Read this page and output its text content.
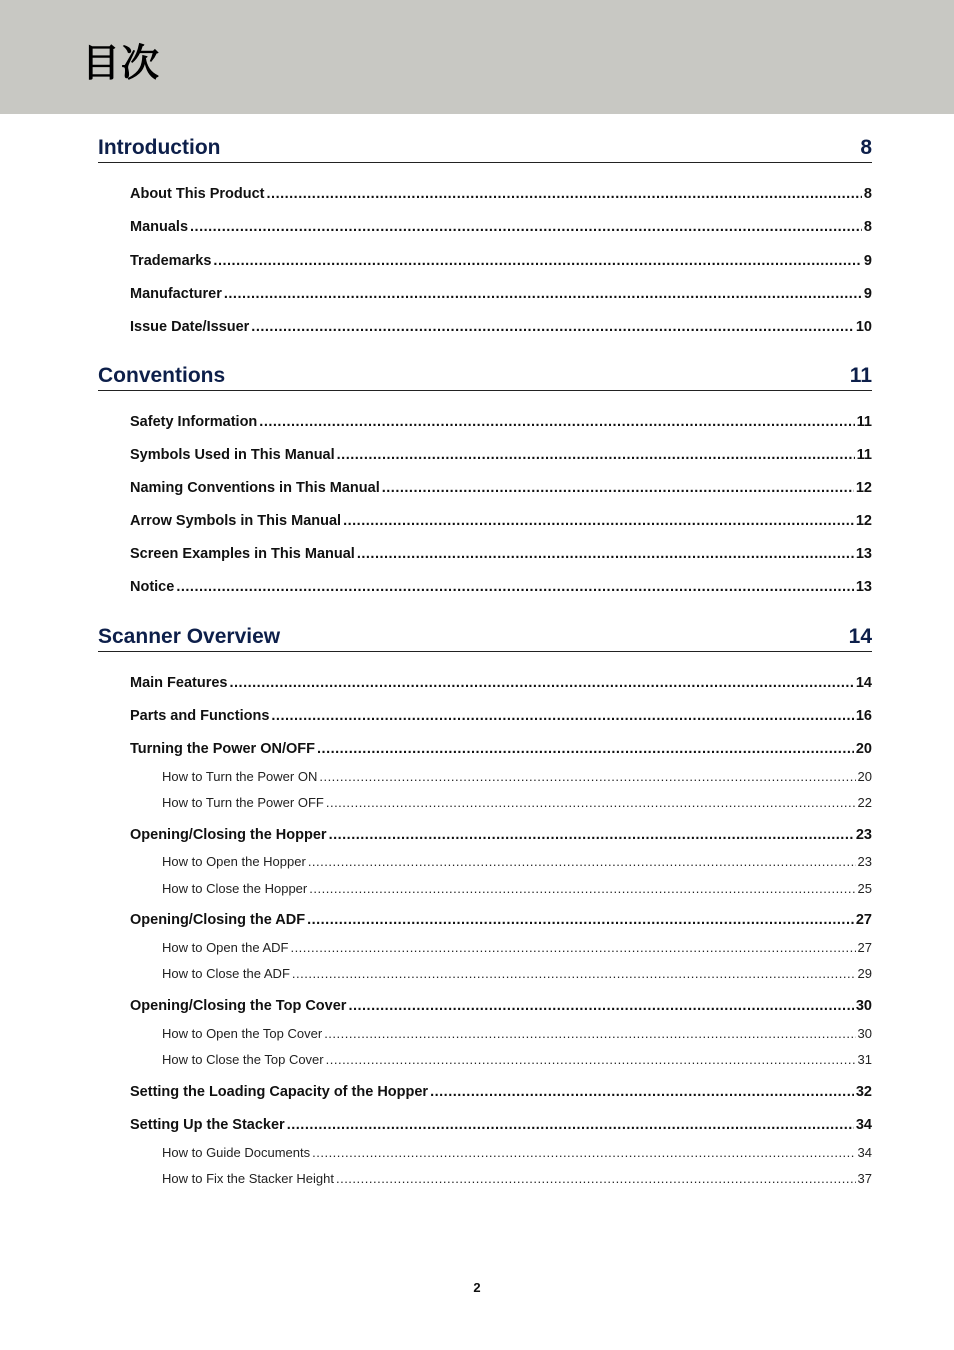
目次
Introduction	8
About This Product .....	8
Manuals .....	8
Trademarks .....	9
Manufacturer .....	9
Issue Date/Issuer .....	10
Conventions	11
Safety Information .....	11
Symbols Used in This Manual .....	11
Naming Conventions in This Manual .....	12
Arrow Symbols in This Manual .....	12
Screen Examples in This Manual .....	13
Notice .....	13
Scanner Overview	14
Main Features .....	14
Parts and Functions .....	16
Turning the Power ON/OFF .....	20
How to Turn the Power ON .....	20
How to Turn the Power OFF .....	22
Opening/Closing the Hopper .....	23
How to Open the Hopper .....	23
How to Close the Hopper .....	25
Opening/Closing the ADF .....	27
How to Open the ADF .....	27
How to Close the ADF .....	29
Opening/Closing the Top Cover .....	30
How to Open the Top Cover .....	30
How to Close the Top Cover .....	31
Setting the Loading Capacity of the Hopper .....	32
Setting Up the Stacker .....	34
How to Guide Documents .....	34
How to Fix the Stacker Height .....	37
2
